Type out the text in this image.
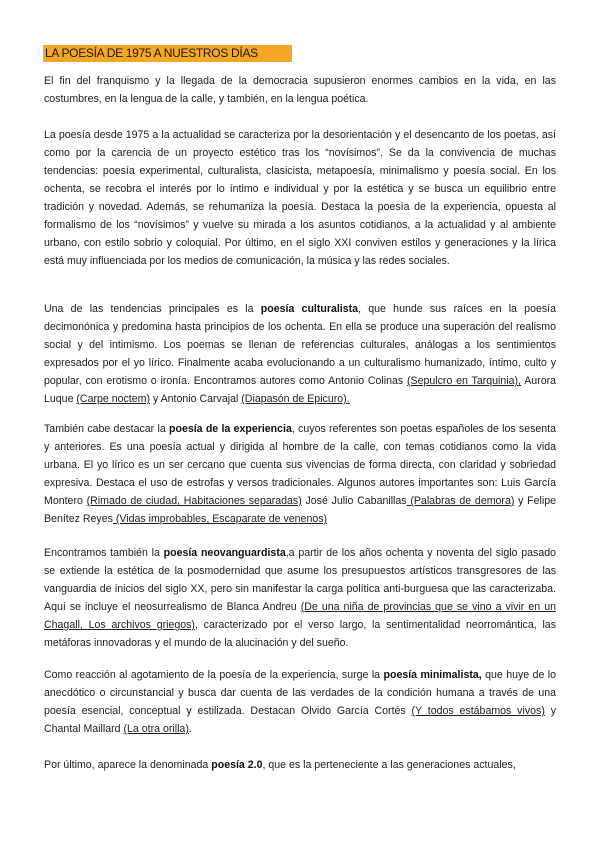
LA POESÍA DE 1975 A NUESTROS DÍAS

El fin del franquismo y la llegada de la democracia supusieron enormes cambios en la vida, en las costumbres, en la lengua de la calle, y también, en la lengua poética.

La poesía desde 1975 a la actualidad se caracteriza por la desorientación y el desencanto de los poetas, así como por la carencia de un proyecto estético tras los “novísimos”. Se da la convivencia de muchas tendencias: poesía experimental, culturalista, clasicista, metapoesía, minimalismo y poesía social. En los ochenta, se recobra el interés por lo íntimo e individual y por la estética y se busca un equilibrio entre tradición y novedad. Además, se rehumaniza la poesía. Destaca la poesía de la experiencia, opuesta al formalismo de los “novísimos” y vuelve su mirada a los asuntos cotidianos, a la actualidad y al ambiente urbano, con estilo sobrio y coloquial. Por último, en el siglo XXI conviven estilos y generaciones y la lírica está muy influenciada por los medios de comunicación, la música y las redes sociales.

Una de las tendencias principales es la poesía culturalista, que hunde sus raíces en la poesía decimonónica y predomina hasta principios de los ochenta. En ella se produce una superación del realismo social y del intimismo. Los poemas se llenan de referencias culturales, análogas a los sentimientos expresados por el yo lírico. Finalmente acaba evolucionando a un culturalismo humanizado, íntimo, culto y popular, con erotismo o ironía. Encontramos autores como Antonio Colinas (Sepulcro en Tarquinia), Aurora Luque (Carpe noctem) y Antonio Carvajal (Diapasón de Epicuro).

También cabe destacar la poesía de la experiencia, cuyos referentes son poetas españoles de los sesenta y anteriores. Es una poesía actual y dirigida al hombre de la calle, con temas cotidianos como la vida urbana. El yo lírico es un ser cercano que cuenta sus vivencias de forma directa, con claridad y sobriedad expresiva. Destaca el uso de estrofas y versos tradicionales. Algunos autores importantes son: Luis García Montero (Rimado de ciudad, Habitaciones separadas) José Julio Cabanillas (Palabras de demora) y Felipe Benítez Reyes (Vidas improbables, Escaparate de venenos)

Encontramos también la poesía neovanguardista,a partir de los años ochenta y noventa del siglo pasado se extiende la estética de la posmodernidad que asume los presupuestos artísticos transgresores de las vanguardia de inicios del siglo XX, pero sin manifestar la carga política anti-burguesa que las caracterizaba. Aquí se incluye el neosurrealismo de Blanca Andreu (De una niña de provincias que se vino a vivir en un Chagall, Los archivos griegos), caracterizado por el verso largo, la sentimentalidad neorromántica, las metáforas innovadoras y el mundo de la alucinación y del sueño.

Como reacción al agotamiento de la poesía de la experiencia, surge la poesía minimalista, que huye de lo anecdótico o circunstancial y busca dar cuenta de las verdades de la condición humana a través de una poesía esencial, conceptual y estilizada. Destacan Olvido García Cortés (Y todos estábamos vivos) y Chantal Maillard (La otra orilla).

Por último, aparece la denominada poesía 2.0, que es la perteneciente a las generaciones actuales,
